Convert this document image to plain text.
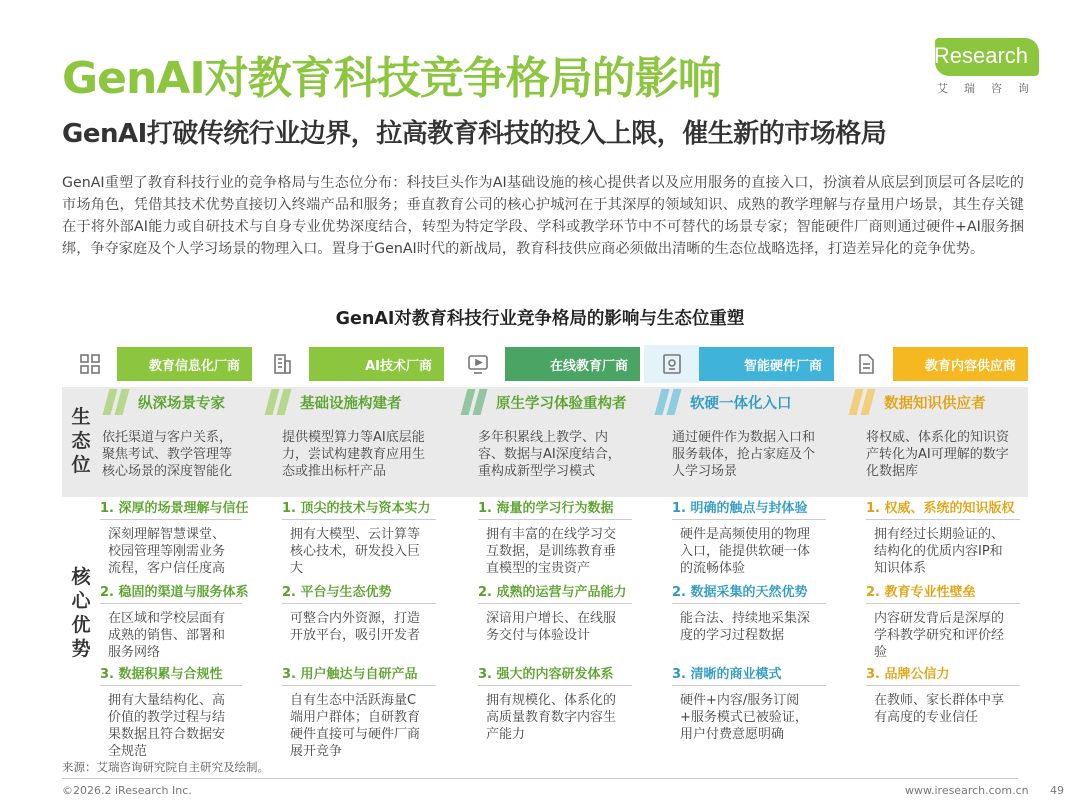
GenAI对教育科技竞争格局的影响
GenAI打破传统行业边界，拉高教育科技的投入上限，催生新的市场格局
iResearch
艾瑞咨询

GenAI重塑了教育科技行业的竞争格局与生态位分布：科技巨头作为AI基础设施的核心提供者以及应用服务的直接入口，扮演着从底层到顶层可各层吃的市场角色，凭借其技术优势直接切入终端产品和服务；垂直教育公司的核心护城河在于其深厚的领域知识、成熟的教学理解与存量用户场景，其生存关键在于将外部AI能力或自研技术与自身专业优势深度结合，转型为特定学段、学科或教学环节中不可替代的场景专家；智能硬件厂商则通过硬件+AI服务捆绑，争夺家庭及个人学习场景的物理入口。置身于GenAI时代的新战局，教育科技供应商必须做出清晰的生态位战略选择，打造差异化的竞争优势。

GenAI对教育科技行业竞争格局的影响与生态位重塑
生
态
位
核
心
优
势
教育信息化厂商
纵深场景专家
依托渠道与客户关系，聚焦考试、教学管理等核心场景的深度智能化
1. 深厚的场景理解与信任
深刻理解智慧课堂、校园管理等刚需业务流程，客户信任度高
2. 稳固的渠道与服务体系
在区域和学校层面有成熟的销售、部署和服务网络
3. 数据积累与合规性
拥有大量结构化、高价值的教学过程与结果数据且符合数据安全规范
AI技术厂商
基础设施构建者
提供模型算力等AI底层能力，尝试构建教育应用生态或推出标杆产品
1. 顶尖的技术与资本实力
拥有大模型、云计算等核心技术，研发投入巨大
2. 平台与生态优势
可整合内外资源，打造开放平台，吸引开发者
3. 用户触达与自研产品
自有生态中活跃海量C端用户群体；自研教育硬件直接可与硬件厂商展开竞争
在线教育厂商
原生学习体验重构者
多年积累线上教学、内容、数据与AI深度结合，重构成新型学习模式
1. 海量的学习行为数据
拥有丰富的在线学习交互数据，是训练教育垂直模型的宝贵资产
2. 成熟的运营与产品能力
深谙用户增长、在线服务交付与体验设计
3. 强大的内容研发体系
拥有规模化、体系化的高质量教育数字内容生产能力
智能硬件厂商
软硬一体化入口
通过硬件作为数据入口和服务载体，抢占家庭及个人学习场景
1. 明确的触点与封体验
硬件是高频使用的物理入口，能提供软硬一体的流畅体验
2. 数据采集的天然优势
能合法、持续地采集深度的学习过程数据
3. 清晰的商业模式
硬件+内容/服务订阅+服务模式已被验证，用户付费意愿明确
教育内容供应商
数据知识供应者
将权威、体系化的知识资产转化为AI可理解的数字化数据库
1. 权威、系统的知识版权
拥有经过长期验证的、结构化的优质内容IP和知识体系
2. 教育专业性壁垒
内容研发背后是深厚的学科教学研究和评价经验
3. 品牌公信力
在教师、家长群体中享有高度的专业信任
来源：艾瑞咨询研究院自主研究及绘制。
©2026.2 iResearch Inc.	www.iresearch.com.cn 49
